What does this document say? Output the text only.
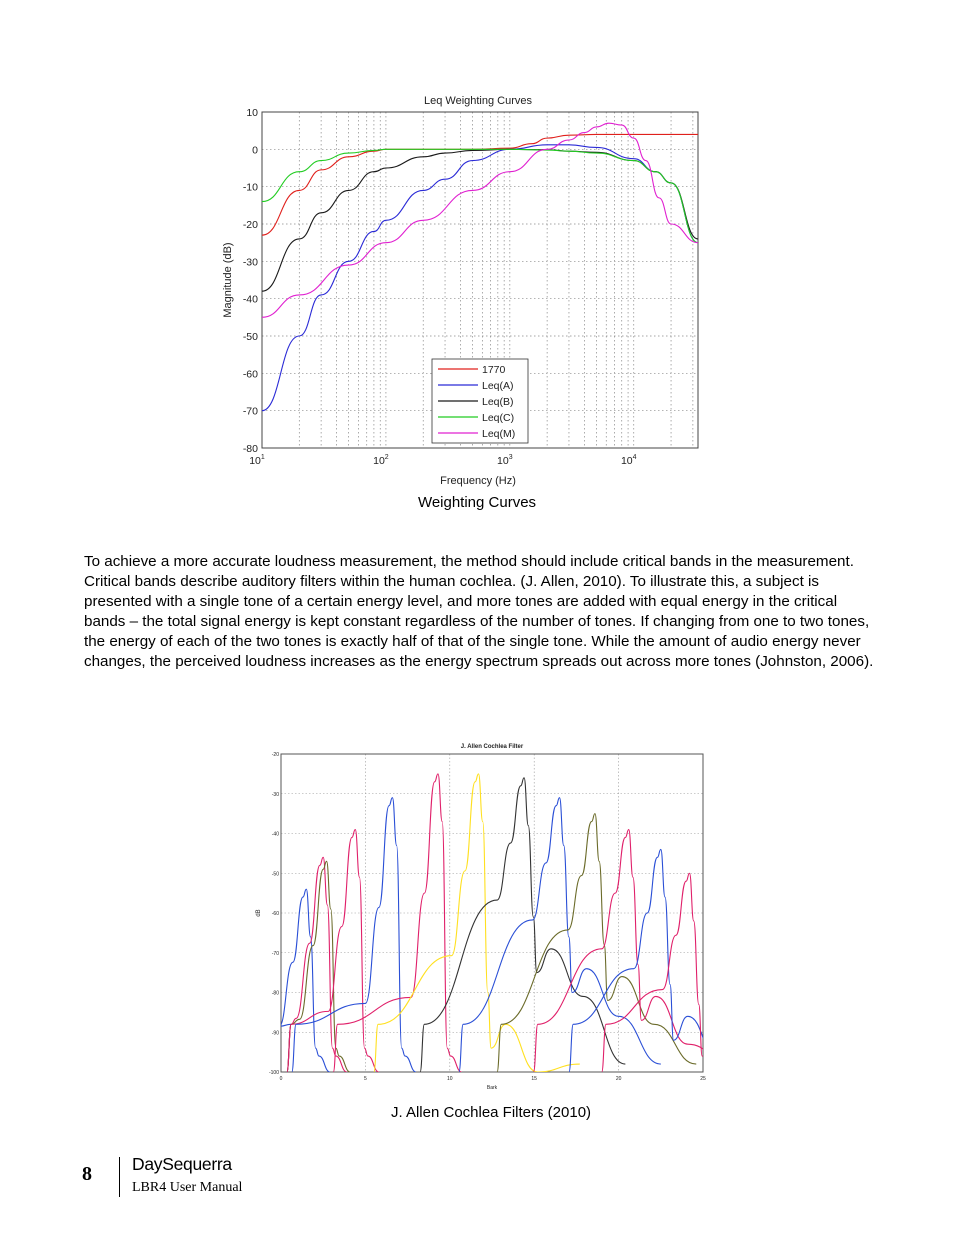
Leq Weighting Curves
10
0
-10
-20
-30
-40
-50
-60
-70
-80
$10^1$	$10^2$	$10^3$	$10^4$
Magnitude (dB)
Frequency (Hz)
1770
Leq(A)
Leq(B)
Leq(C)
Leq(M)
Weighting Curves
To achieve a more accurate loudness measurement, the method should include critical bands in the measurement. Critical bands describe auditory filters within the human cochlea. (J. Allen, 2010). To illustrate this, a subject is presented with a single tone of a certain energy level, and more tones are added with equal energy in the critical bands – the total signal energy is kept constant regardless of the number of tones. If changing from one to two tones, the energy of each of the two tones is exactly half of that of the single tone. While the amount of audio energy never changes, the perceived loudness increases as the energy spectrum spreads out across more tones (Johnston, 2006).
J. Allen Cochlea Filter
-20
-30
-40
-50
-60
-70
-80
-90
-100
0	5	10	15	20	25
dB
Bark
J. Allen Cochlea Filters (2010)
8 DaySequerra
LBR4 User Manual
